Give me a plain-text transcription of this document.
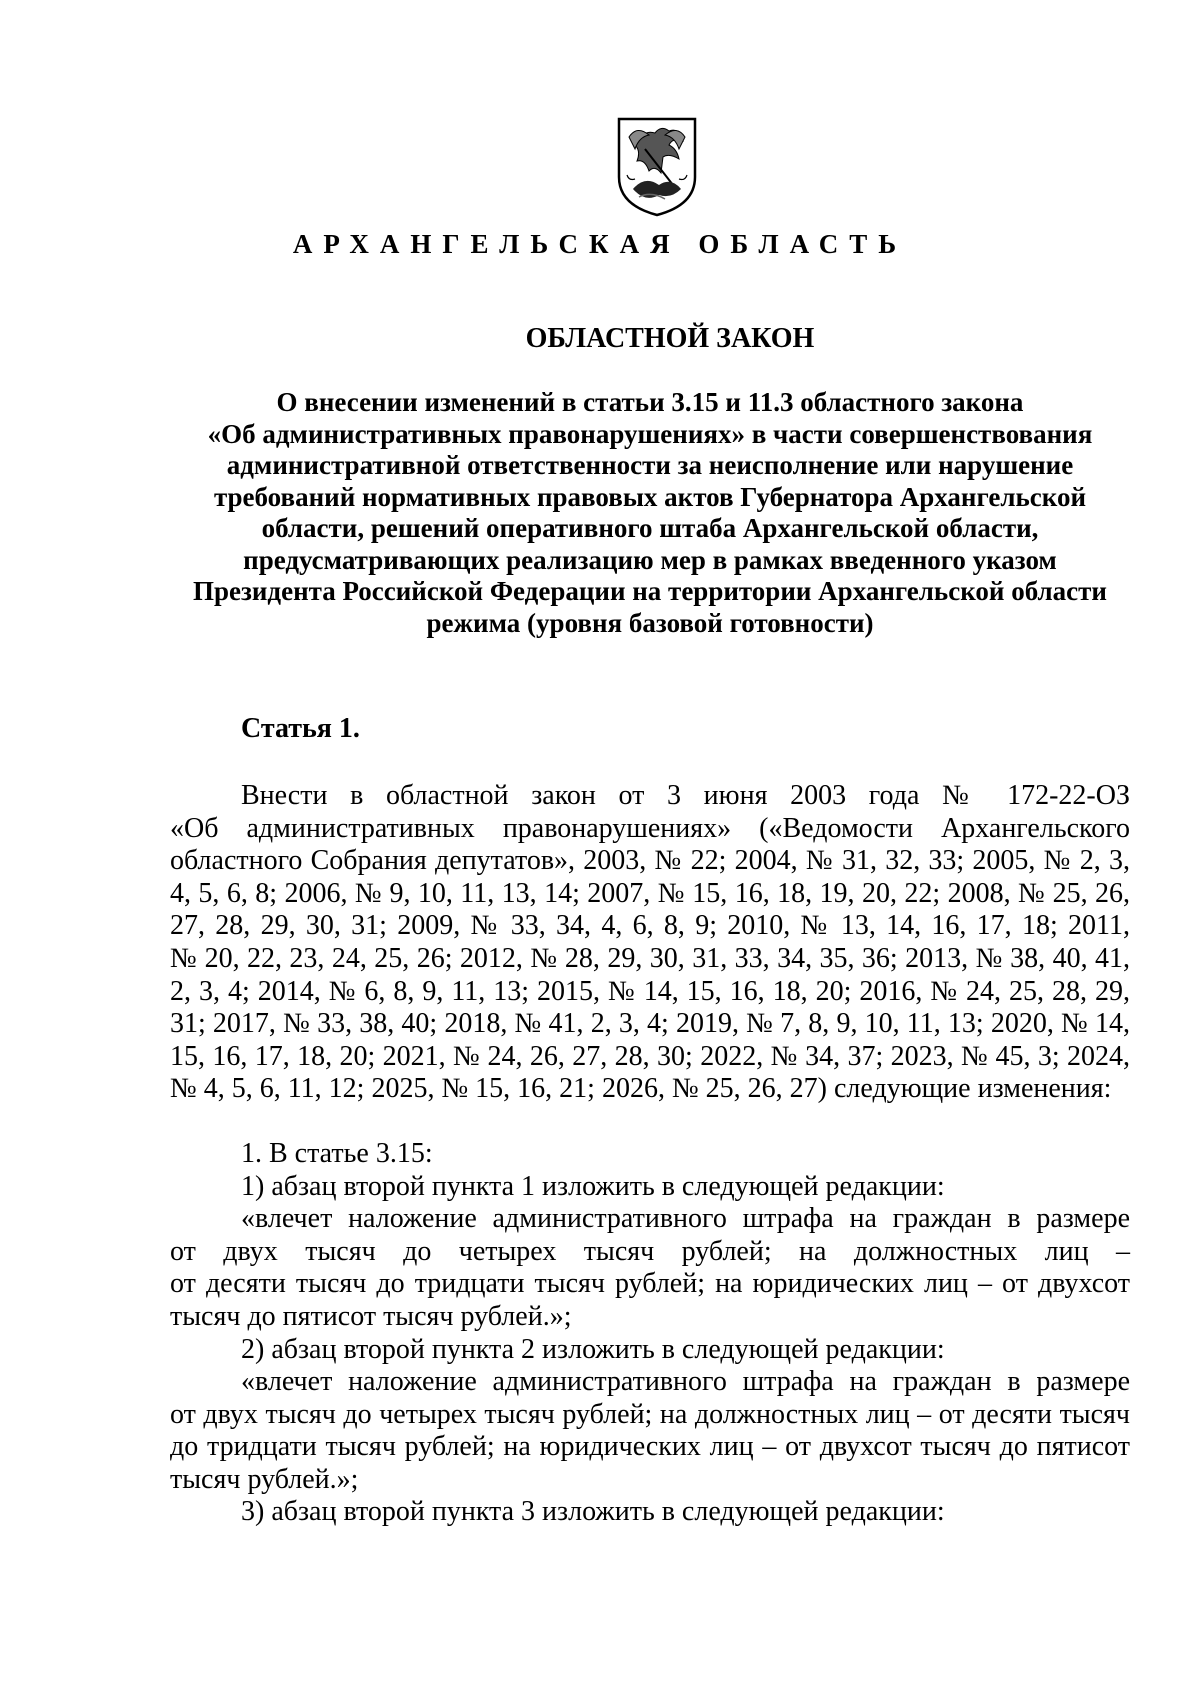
АРХАНГЕЛЬСКАЯ ОБЛАСТЬ
ОБЛАСТНОЙ ЗАКОН
О внесении изменений в статьи 3.15 и 11.3 областного закона
«Об административных правонарушениях» в части совершенствования
административной ответственности за неисполнение или нарушение
требований нормативных правовых актов Губернатора Архангельской
области, решений оперативного штаба Архангельской области,
предусматривающих реализацию мер в рамках введенного указом
Президента Российской Федерации на территории Архангельской области
режима (уровня базовой готовности)
Статья 1.

Внести в областной закон от 3 июня 2003 года № 172-22-ОЗ
«Об административных правонарушениях» («Ведомости Архангельского
областного Собрания депутатов», 2003, № 22; 2004, № 31, 32, 33; 2005, № 2, 3,
4, 5, 6, 8; 2006, № 9, 10, 11, 13, 14; 2007, № 15, 16, 18, 19, 20, 22; 2008, № 25, 26,
27, 28, 29, 30, 31; 2009, № 33, 34, 4, 6, 8, 9; 2010, № 13, 14, 16, 17, 18; 2011,
№ 20, 22, 23, 24, 25, 26; 2012, № 28, 29, 30, 31, 33, 34, 35, 36; 2013, № 38, 40, 41,
2, 3, 4; 2014, № 6, 8, 9, 11, 13; 2015, № 14, 15, 16, 18, 20; 2016, № 24, 25, 28, 29,
31; 2017, № 33, 38, 40; 2018, № 41, 2, 3, 4; 2019, № 7, 8, 9, 10, 11, 13; 2020, № 14,
15, 16, 17, 18, 20; 2021, № 24, 26, 27, 28, 30; 2022, № 34, 37; 2023, № 45, 3; 2024,
№ 4, 5, 6, 11, 12; 2025, № 15, 16, 21; 2026, № 25, 26, 27) следующие изменения:

1. В статье 3.15:

1) абзац второй пункта 1 изложить в следующей редакции:

«влечет наложение административного штрафа на граждан в размере
от двух тысяч до четырех тысяч рублей; на должностных лиц –
от десяти тысяч до тридцати тысяч рублей; на юридических лиц – от двухсот
тысяч до пятисот тысяч рублей.»;

2) абзац второй пункта 2 изложить в следующей редакции:

«влечет наложение административного штрафа на граждан в размере
от двух тысяч до четырех тысяч рублей; на должностных лиц – от десяти тысяч
до тридцати тысяч рублей; на юридических лиц – от двухсот тысяч до пятисот
тысяч рублей.»;

3) абзац второй пункта 3 изложить в следующей редакции:
